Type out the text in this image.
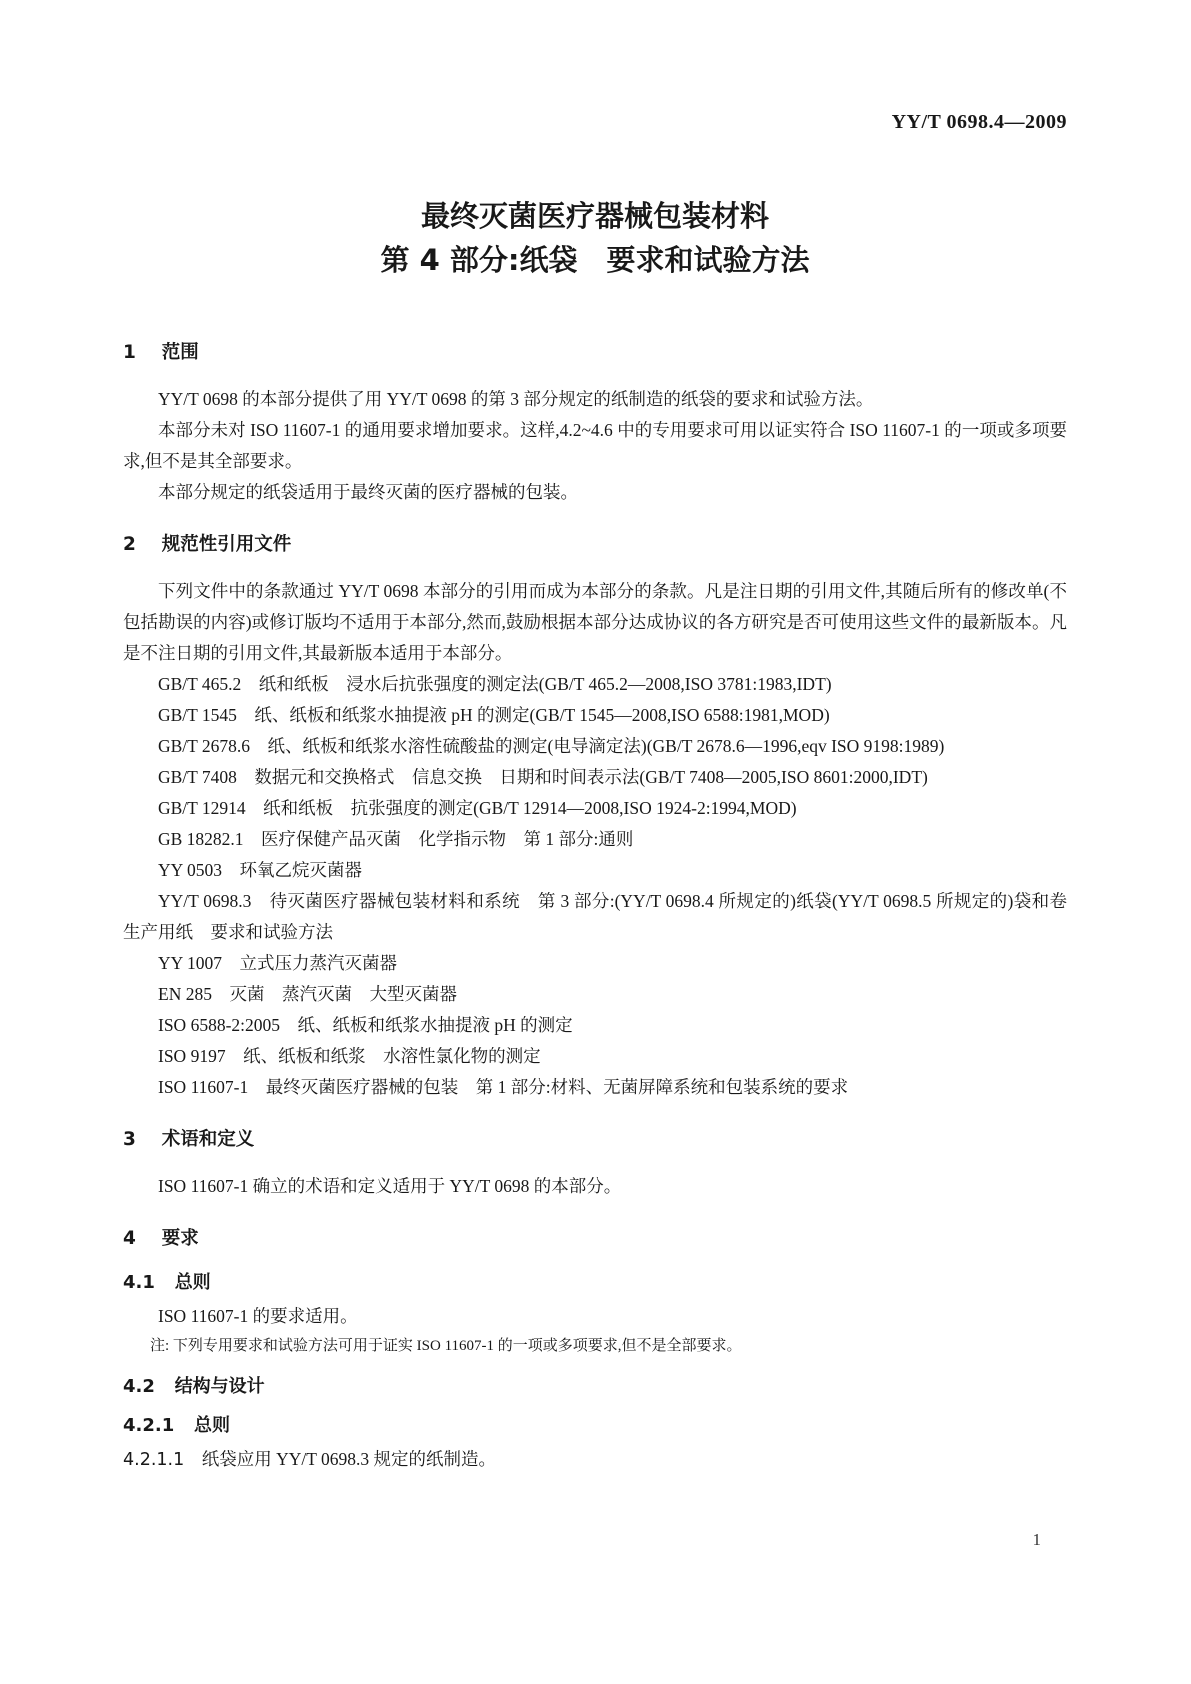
YY/T 0698.4—2009
最终灭菌医疗器械包装材料
第 4 部分:纸袋　要求和试验方法
1 范围
YY/T 0698 的本部分提供了用 YY/T 0698 的第 3 部分规定的纸制造的纸袋的要求和试验方法。
本部分未对 ISO 11607-1 的通用要求增加要求。这样,4.2~4.6 中的专用要求可用以证实符合 ISO 11607-1 的一项或多项要求,但不是其全部要求。
本部分规定的纸袋适用于最终灭菌的医疗器械的包装。
2 规范性引用文件
下列文件中的条款通过 YY/T 0698 本部分的引用而成为本部分的条款。凡是注日期的引用文件,其随后所有的修改单(不包括勘误的内容)或修订版均不适用于本部分,然而,鼓励根据本部分达成协议的各方研究是否可使用这些文件的最新版本。凡是不注日期的引用文件,其最新版本适用于本部分。
GB/T 465.2　纸和纸板　浸水后抗张强度的测定法(GB/T 465.2—2008,ISO 3781:1983,IDT)
GB/T 1545　纸、纸板和纸浆水抽提液 pH 的测定(GB/T 1545—2008,ISO 6588:1981,MOD)
GB/T 2678.6　纸、纸板和纸浆水溶性硫酸盐的测定(电导滴定法)(GB/T 2678.6—1996,eqv ISO 9198:1989)
GB/T 7408　数据元和交换格式　信息交换　日期和时间表示法(GB/T 7408—2005,ISO 8601:2000,IDT)
GB/T 12914　纸和纸板　抗张强度的测定(GB/T 12914—2008,ISO 1924-2:1994,MOD)
GB 18282.1　医疗保健产品灭菌　化学指示物　第 1 部分:通则
YY 0503　环氧乙烷灭菌器
YY/T 0698.3　待灭菌医疗器械包装材料和系统　第 3 部分:(YY/T 0698.4 所规定的)纸袋(YY/T 0698.5 所规定的)袋和卷生产用纸　要求和试验方法
YY 1007　立式压力蒸汽灭菌器
EN 285　灭菌　蒸汽灭菌　大型灭菌器
ISO 6588-2:2005　纸、纸板和纸浆水抽提液 pH 的测定
ISO 9197　纸、纸板和纸浆　水溶性氯化物的测定
ISO 11607-1　最终灭菌医疗器械的包装　第 1 部分:材料、无菌屏障系统和包装系统的要求
3 术语和定义
ISO 11607-1 确立的术语和定义适用于 YY/T 0698 的本部分。
4 要求
4.1 总则
ISO 11607-1 的要求适用。
注: 下列专用要求和试验方法可用于证实 ISO 11607-1 的一项或多项要求,但不是全部要求。
4.2 结构与设计
4.2.1 总则
4.2.1.1 纸袋应用 YY/T 0698.3 规定的纸制造。
1
